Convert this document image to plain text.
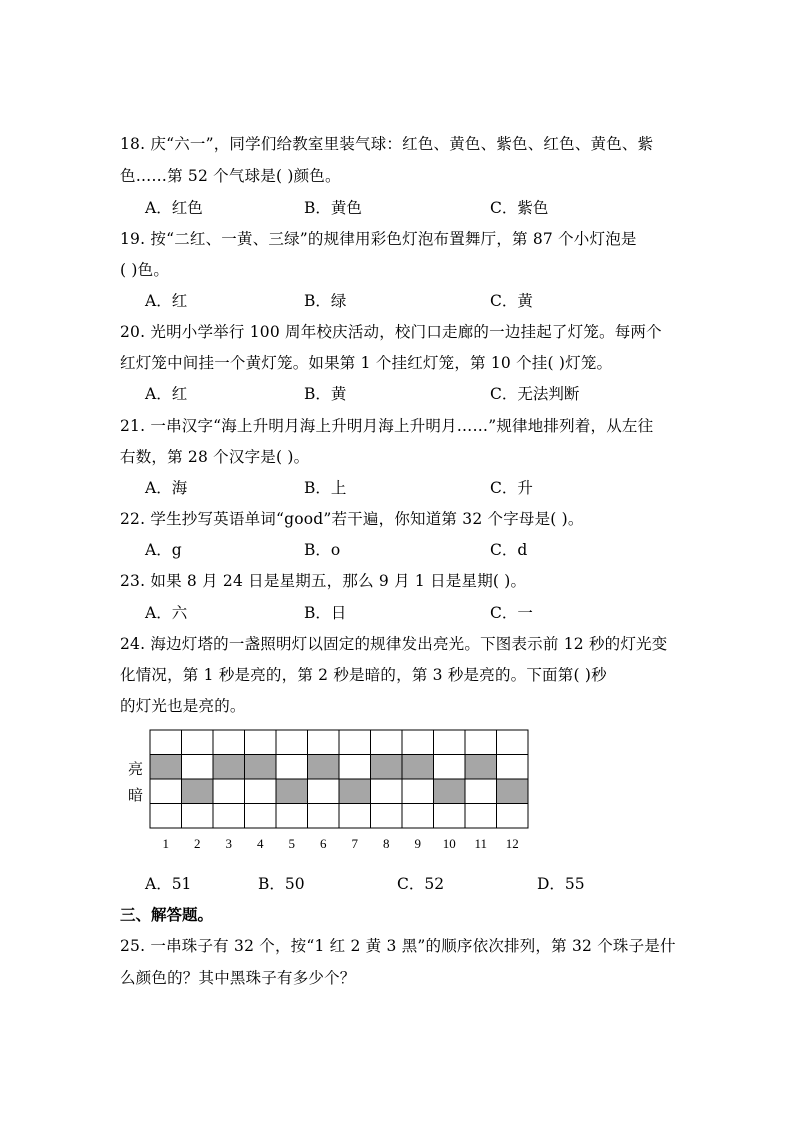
18. 庆“六一”，同学们给教室里装气球：红色、黄色、紫色、红色、黄色、紫
色……第 52 个气球是( )颜色。
A．红色	B．黄色	C．紫色
19. 按“二红、一黄、三绿”的规律用彩色灯泡布置舞厅，第 87 个小灯泡是
( )色。
A．红	B．绿	C．黄
20. 光明小学举行 100 周年校庆活动，校门口走廊的一边挂起了灯笼。每两个
红灯笼中间挂一个黄灯笼。如果第 1 个挂红灯笼，第 10 个挂( )灯笼。
A．红	B．黄	C．无法判断
21. 一串汉字“海上升明月海上升明月海上升明月……”规律地排列着，从左往
右数，第 28 个汉字是( )。
A．海	B．上	C．升
22. 学生抄写英语单词“good”若干遍，你知道第 32 个字母是( )。
A．g	B．o	C．d
23. 如果 8 月 24 日是星期五，那么 9 月 1 日是星期( )。
A．六	B．日	C．一
24. 海边灯塔的一盏照明灯以固定的规律发出亮光。下图表示前 12 秒的灯光变
化情况，第 1 秒是亮的，第 2 秒是暗的，第 3 秒是亮的。下面第( )秒
的灯光也是亮的。
亮
暗
1 2 3 4 5 6 7 8 9 10 11 12
A．51	B．50	C．52	D．55
三、解答题。
25. 一串珠子有 32 个，按“1 红 2 黄 3 黑”的顺序依次排列，第 32 个珠子是什
么颜色的？其中黑珠子有多少个？
